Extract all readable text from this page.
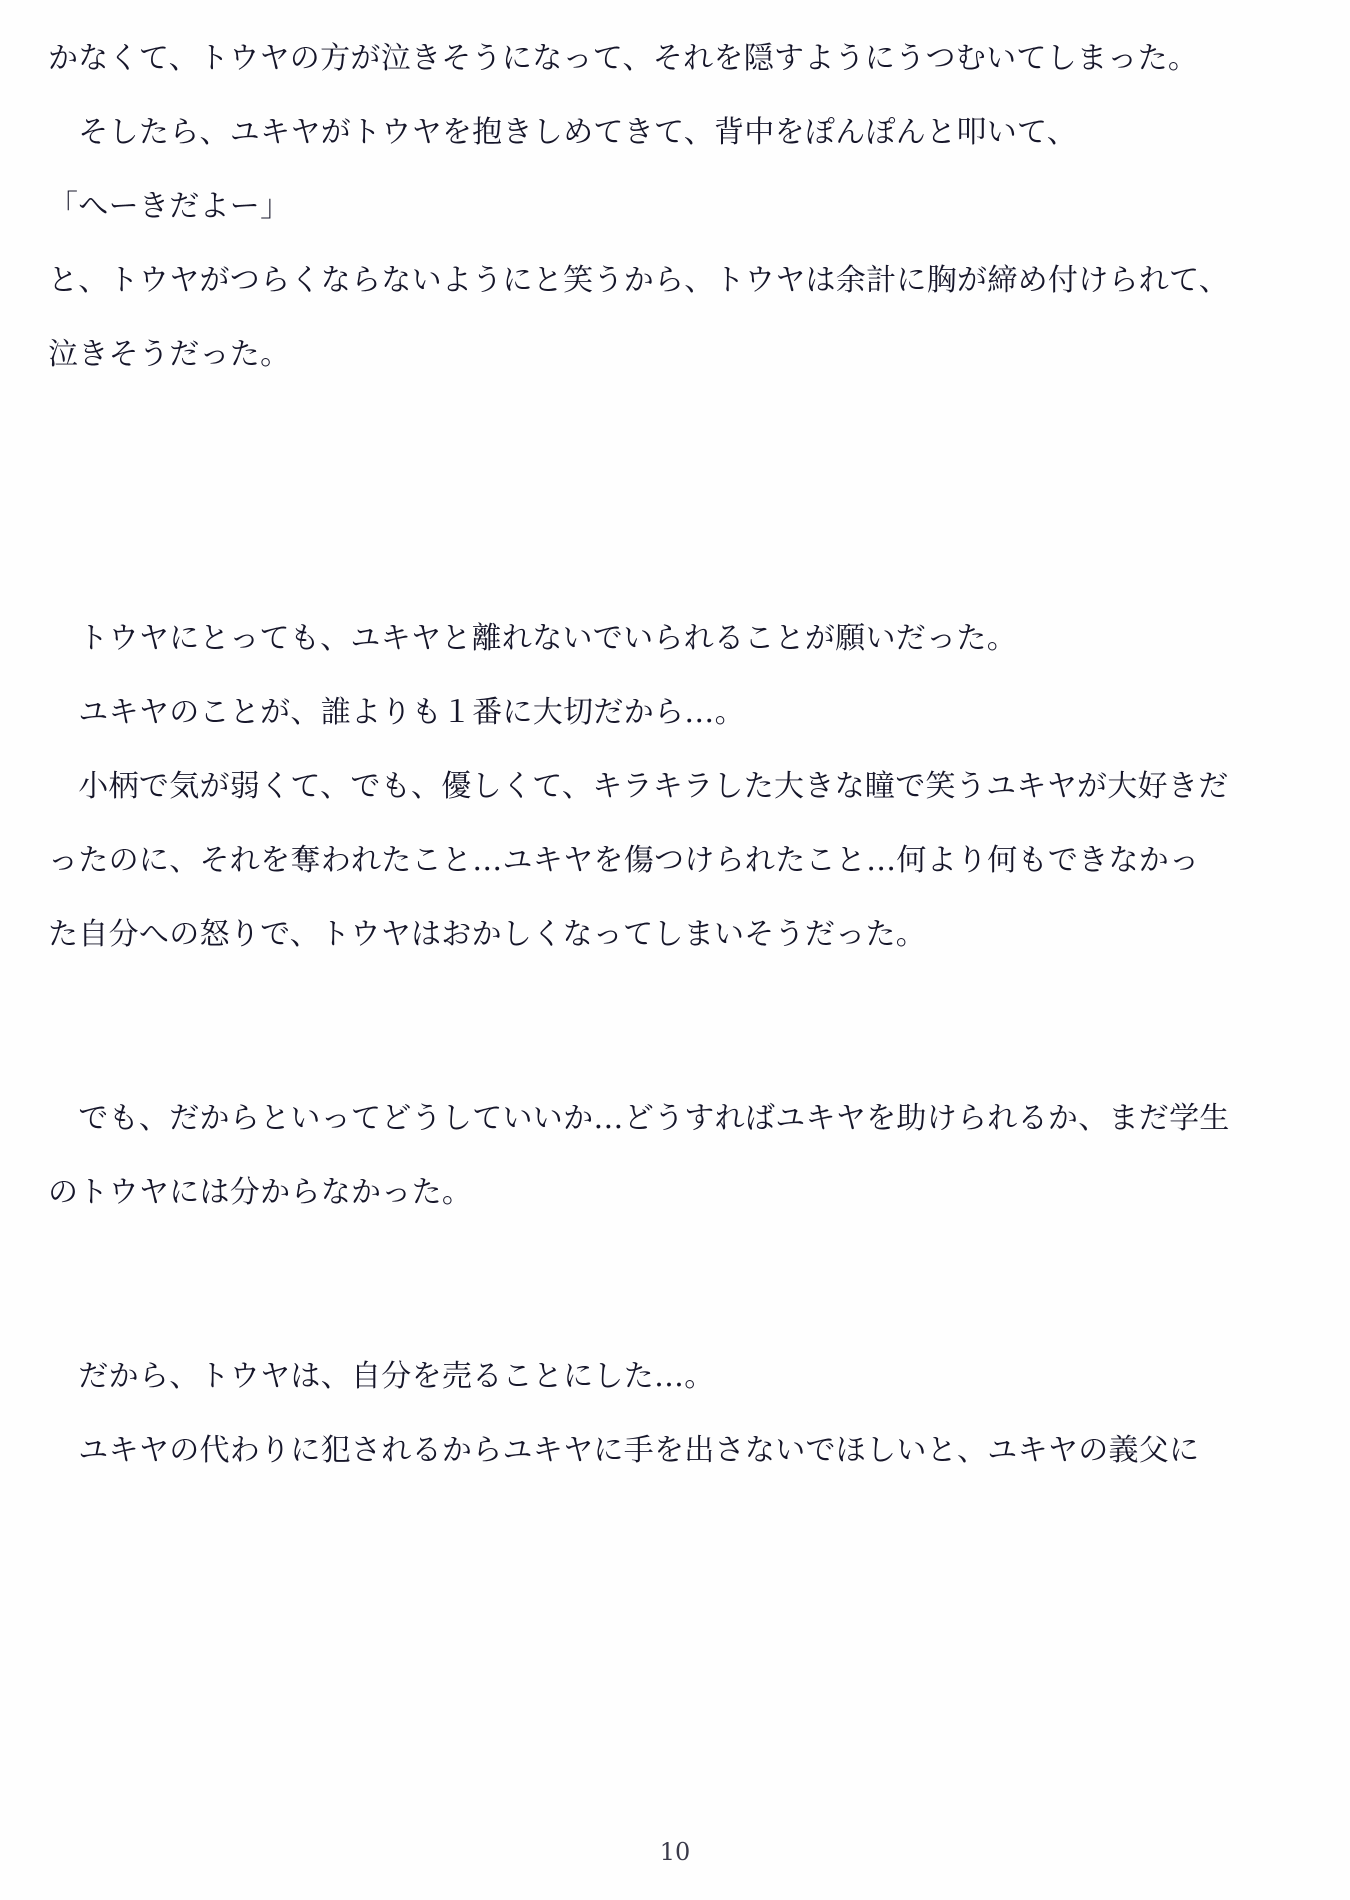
かなくて、トウヤの方が泣きそうになって、それを隠すようにうつむいてしまった。

　そしたら、ユキヤがトウヤを抱きしめてきて、背中をぽんぽんと叩いて、

「へーきだよー」

と、トウヤがつらくならないようにと笑うから、トウヤは余計に胸が締め付けられて、

泣きそうだった。

　トウヤにとっても、ユキヤと離れないでいられることが願いだった。

　ユキヤのことが、誰よりも１番に大切だから…。

　小柄で気が弱くて、でも、優しくて、キラキラした大きな瞳で笑うユキヤが大好きだ

ったのに、それを奪われたこと…ユキヤを傷つけられたこと…何より何もできなかっ

た自分への怒りで、トウヤはおかしくなってしまいそうだった。

　でも、だからといってどうしていいか…どうすればユキヤを助けられるか、まだ学生

のトウヤには分からなかった。

　だから、トウヤは、自分を売ることにした…。

　ユキヤの代わりに犯されるからユキヤに手を出さないでほしいと、ユキヤの義父に

10
